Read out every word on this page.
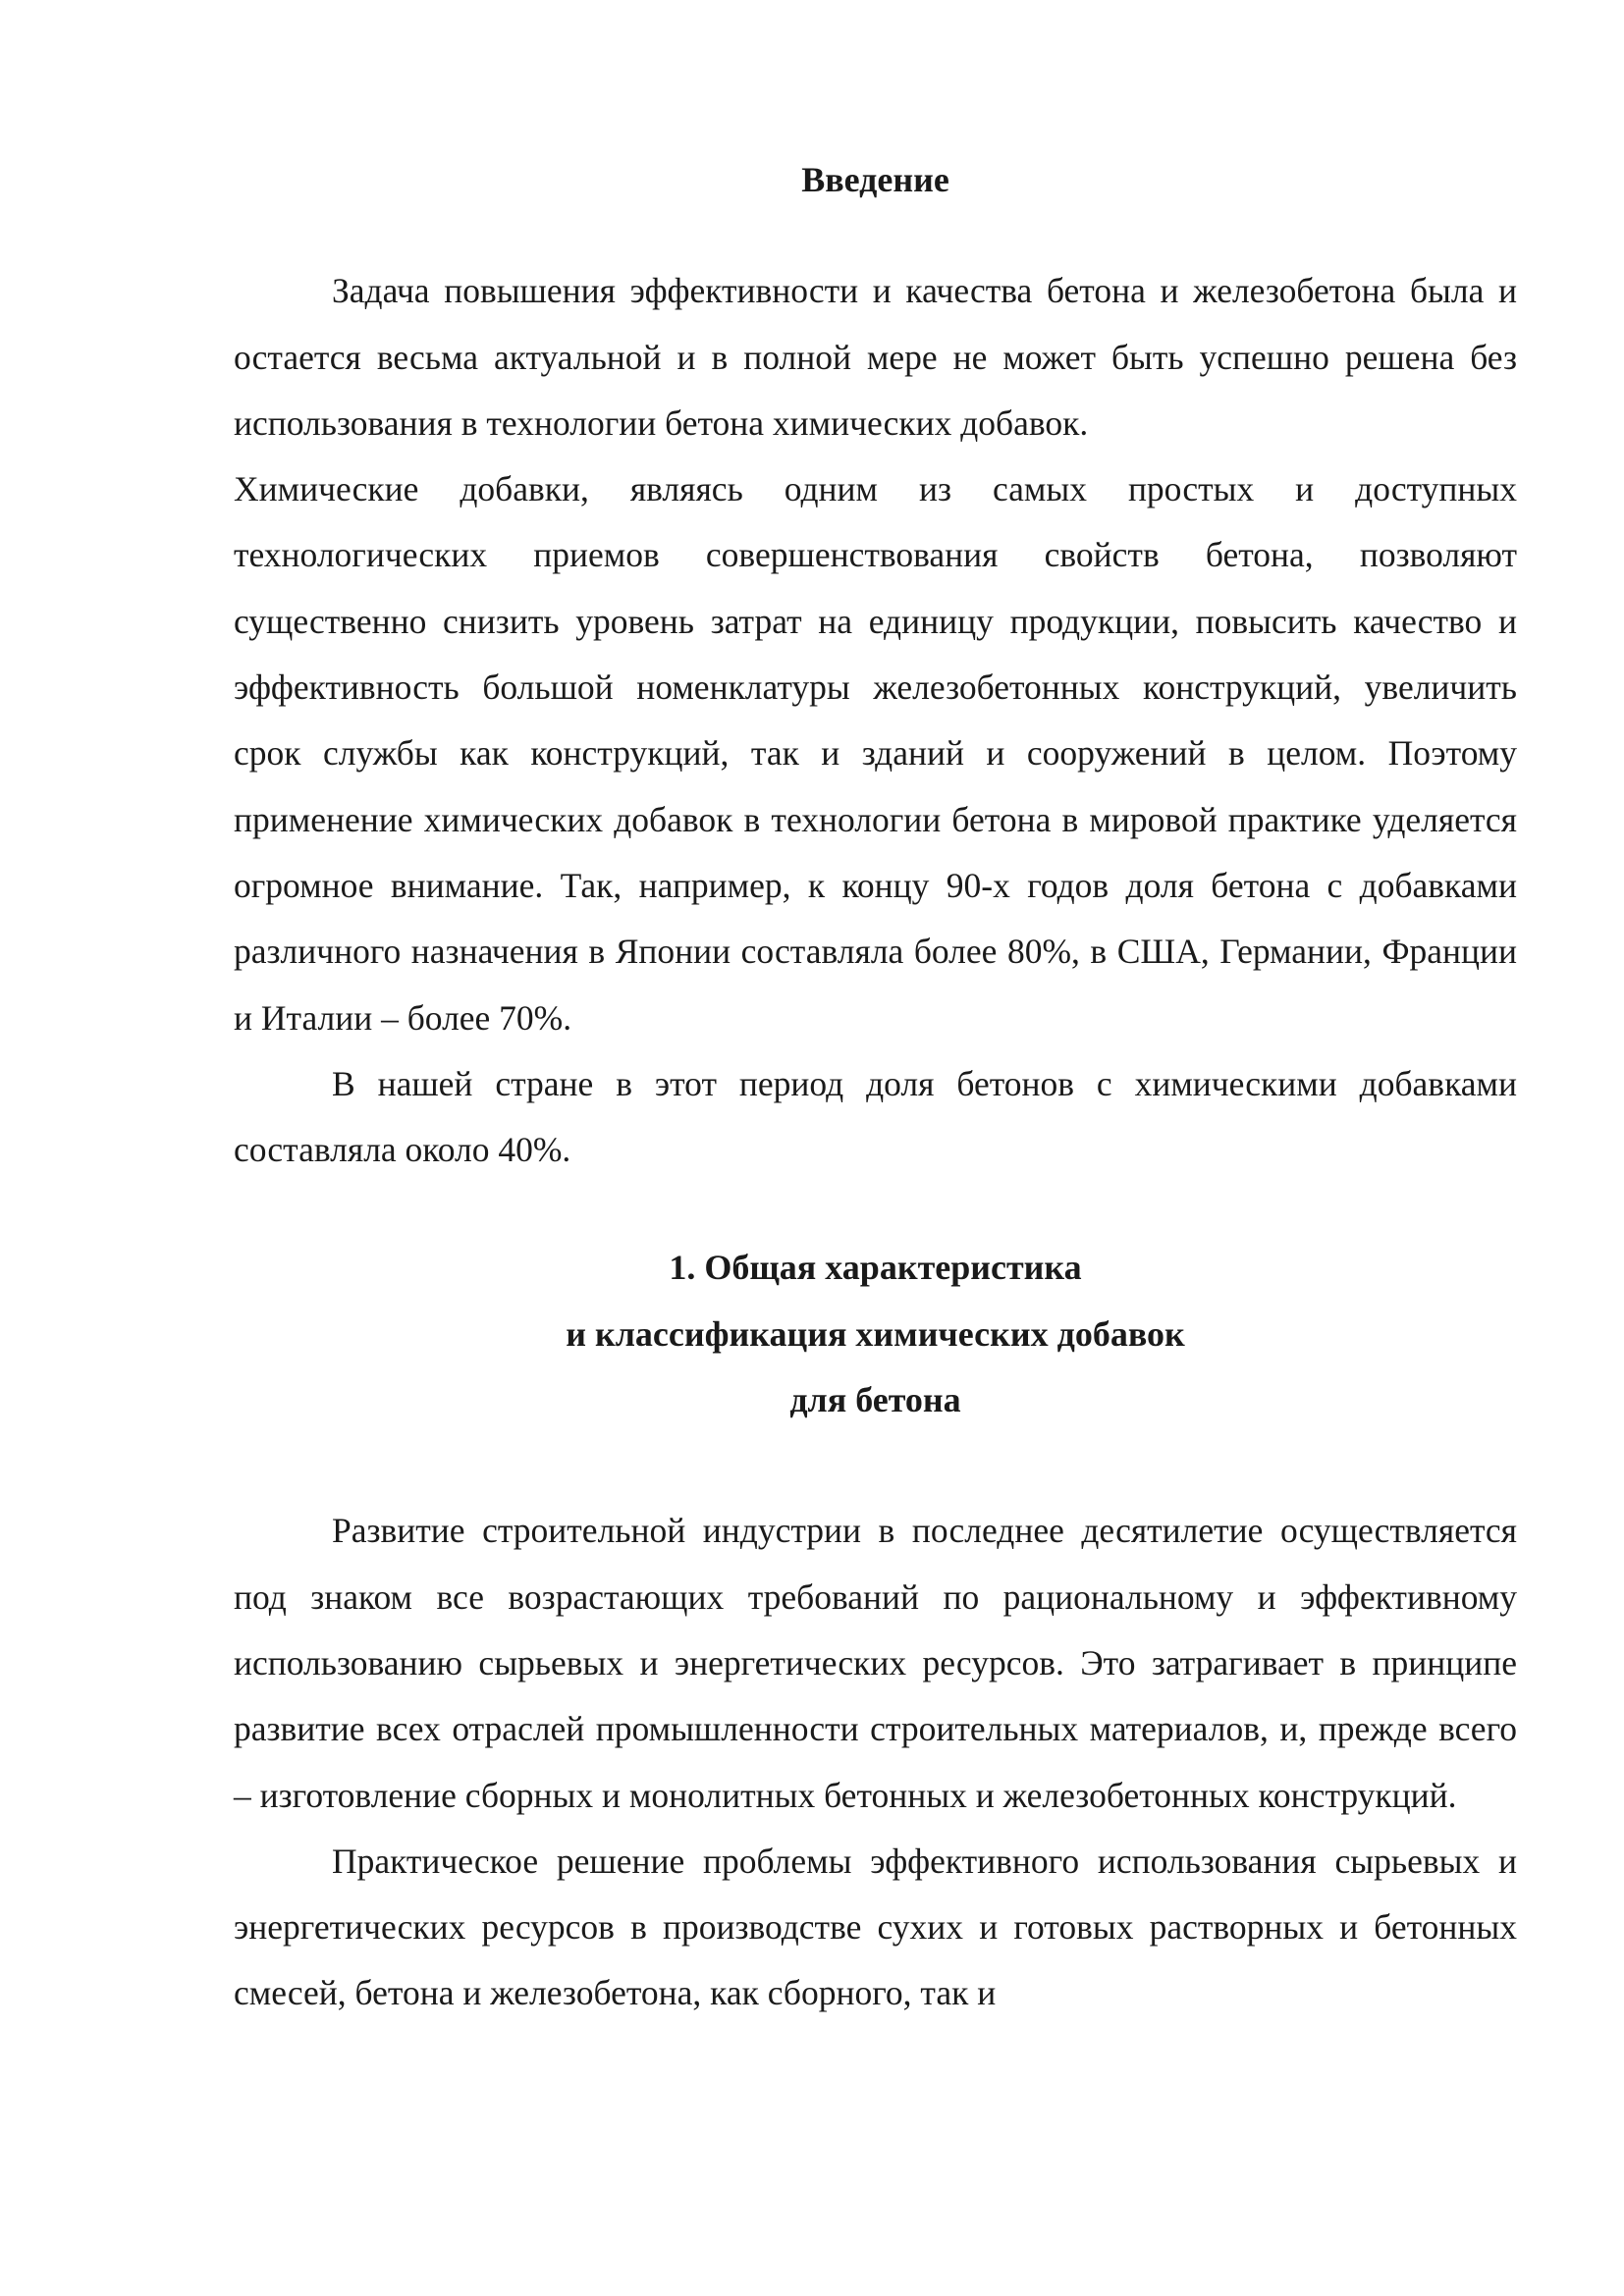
Введение

Задача повышения эффективности и качества бетона и железобетона была и остается весьма актуальной и в полной мере не может быть успешно решена без использования в технологии бетона химических добавок.

Химические добавки, являясь одним из самых простых и доступных технологических приемов совершенствования свойств бетона, позволяют существенно снизить уровень затрат на единицу продукции, повысить качество и эффективность большой номенклатуры железобетонных конструкций, увеличить срок службы как конструкций, так и зданий и сооружений в целом. Поэтому применение химических добавок в технологии бетона в мировой практике уделяется огромное внимание. Так, например, к концу 90-х годов доля бетона с добавками различного назначения в Японии составляла более 80%, в США, Германии, Франции и Италии – более 70%.

В нашей стране в этот период доля бетонов с химическими добавками составляла около 40%.

1. Общая характеристика
и классификация химических добавок
для бетона

Развитие строительной индустрии в последнее десятилетие осуществляется под знаком все возрастающих требований по рациональному и эффективному использованию сырьевых и энергетических ресурсов. Это затрагивает в принципе развитие всех отраслей промышленности строительных материалов, и, прежде всего – изготовление сборных и монолитных бетонных и железобетонных конструкций.

Практическое решение проблемы эффективного использования сырьевых и энергетических ресурсов в производстве сухих и готовых растворных и бетонных смесей, бетона и железобетона, как сборного, так и
